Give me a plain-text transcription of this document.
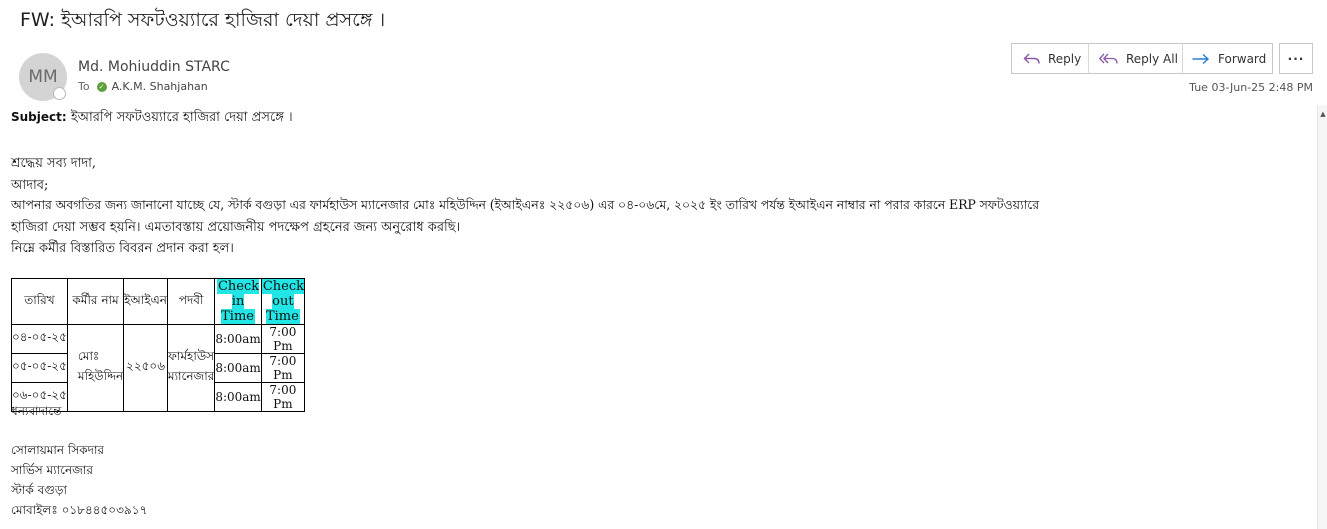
FW: ইআরপি সফটওয়্যারে হাজিরা দেয়া প্রসঙ্গে ।
MM	Md. Mohiuddin STARC
To ✓ A.K.M. Shahjahan
Reply	Reply All	Forward	···
Tue 03-Jun-25 2:48 PM
▲
Subject: ইআরপি সফটওয়্যারে হাজিরা দেয়া প্রসঙ্গে ।
শ্রদ্ধেয় সব্য দাদা,
আদাব;
আপনার অবগতির জন্য জানানো যাচ্ছে যে, স্টার্ক বগুড়া এর ফার্মহাউস ম্যানেজার মোঃ মহিউদ্দিন (ইআইএনঃ ২২৫০৬) এর ০৪-০৬মে, ২০২৫ ইং তারিখ পর্যন্ত ইআইএন নাম্বার না পরার কারনে ERP সফটওয়্যারে
হাজিরা দেয়া সম্ভব হয়নি। এমতাবস্তায় প্রয়োজনীয় পদক্ষেপ গ্রহনের জন্য অনুরোধ করছি।
নিম্নে কর্মীর বিস্তারিত বিবরন প্রদান করা হল।
তারিখ	কর্মীর নাম	ইআইএন	পদবী	Check in Time	Check out Time
০৪-০৫-২৫	মোঃ মহিউদ্দিন	২২৫০৬	ফার্মহাউস ম্যানেজার	8:00am	7:00 Pm
০৫-০৫-২৫				8:00am	7:00 Pm
০৬-০৫-২৫				8:00am	7:00 Pm
ধন্যবাদান্তে
সোলায়মান সিকদার
সার্ভিস ম্যানেজার
স্টার্ক বগুড়া
মোবাইলঃ ০১৮৪৪৫০৩৯১৭
